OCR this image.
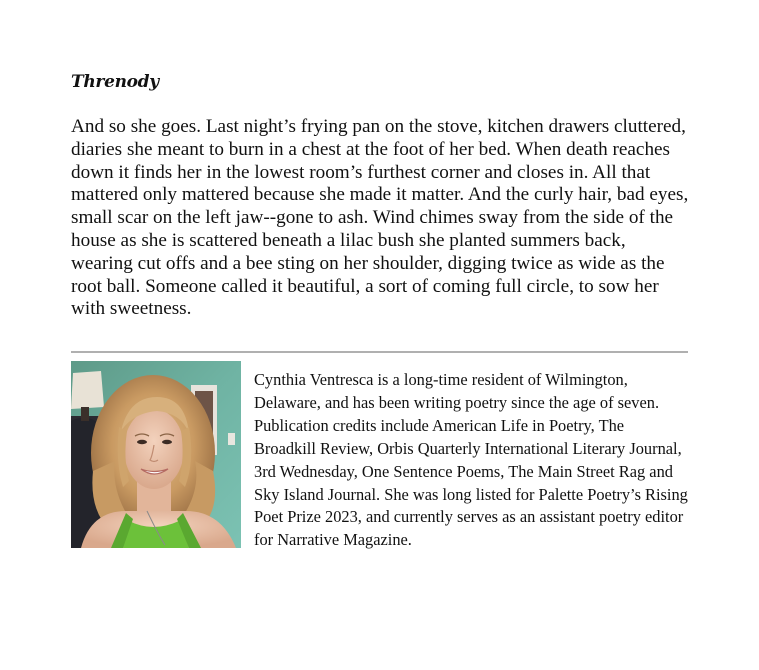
Threnody

And so she goes. Last night’s frying pan on the stove, kitchen drawers cluttered, diaries she meant to burn in a chest at the foot of her bed. When death reaches down it finds her in the lowest room’s furthest corner and closes in. All that mattered only mattered because she made it matter. And the curly hair, bad eyes, small scar on the left jaw--gone to ash. Wind chimes sway from the side of the house as she is scattered beneath a lilac bush she planted summers back, wearing cut offs and a bee sting on her shoulder, digging twice as wide as the root ball. Someone called it beautiful, a sort of coming full circle, to sow her with sweetness.

Cynthia Ventresca is a long-time resident of Wilmington, Delaware, and has been writing poetry since the age of seven. Publication credits include American Life in Poetry, The Broadkill Review, Orbis Quarterly International Literary Journal, 3rd Wednesday, One Sentence Poems, The Main Street Rag and Sky Island Journal. She was long listed for Palette Poetry’s Rising Poet Prize 2023, and currently serves as an assistant poetry editor for Narrative Magazine.
